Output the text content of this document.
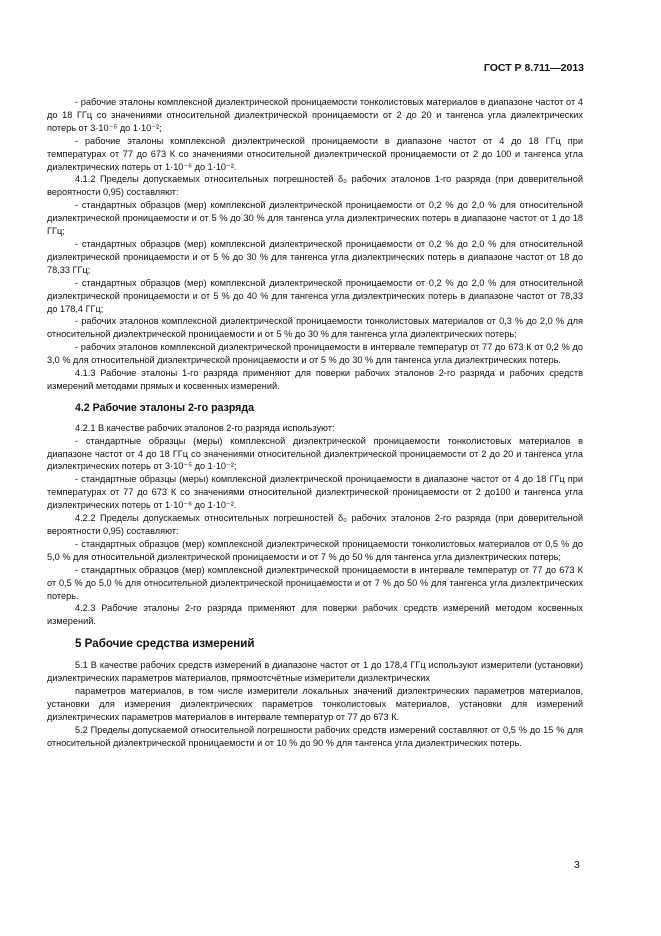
ГОСТ Р 8.711—2013

- рабочие эталоны комплексной диэлектрической проницаемости тонколистовых материалов в диапазоне частот от 4 до 18 ГГц со значениями относительной диэлектрической проницаемости от 2 до 20 и тангенса угла диэлектрических потерь от 3·10⁻⁵ до 1·10⁻²;

- рабочие эталоны комплексной диэлектрической проницаемости в диапазоне частот от 4 до 18 ГГц при температурах от 77 до 673 К со значениями относительной диэлектрической проницаемости от 2 до 100 и тангенса угла диэлектрических потерь от 1·10⁻⁶ до 1·10⁻².

4.1.2 Пределы допускаемых относительных погрешностей δ₀ рабочих эталонов 1-го разряда (при доверительной вероятности 0,95) составляют:

- стандартных образцов (мер) комплексной диэлектрической проницаемости от 0,2 % до 2,0 % для относительной диэлектрической проницаемости и от 5 % до 30 % для тангенса угла диэлектрических потерь в диапазоне частот от 1 до 18 ГГц;

- стандартных образцов (мер) комплексной диэлектрической проницаемости от 0,2 % до 2,0 % для относительной диэлектрической проницаемости и от 5 % до 30 % для тангенса угла диэлектрических потерь в диапазоне частот от 18 до 78,33 ГГц;

- стандартных образцов (мер) комплексной диэлектрической проницаемости от 0,2 % до 2,0 % для относительной диэлектрической проницаемости и от 5 % до 40 % для тангенса угла диэлектрических потерь в диапазоне частот от 78,33 до 178,4 ГГц;

- рабочих эталонов комплексной диэлектрической проницаемости тонколистовых материалов от 0,3 % до 2,0 % для относительной диэлектрической проницаемости и от 5 % до 30 % для тангенса угла диэлектрических потерь;

- рабочих эталонов комплексной диэлектрической проницаемости в интервале температур от 77 до 673 К от 0,2 % до 3,0 % для относительной диэлектрической проницаемости и от 5 % до 30 % для тангенса угла диэлектрических потерь.

4.1.3 Рабочие эталоны 1-го разряда применяют для поверки рабочих эталонов 2-го разряда и рабочих средств измерений методами прямых и косвенных измерений.

4.2 Рабочие эталоны 2-го разряда

4.2.1 В качестве рабочих эталонов 2-го разряда используют:

- стандартные образцы (меры) комплексной диэлектрической проницаемости тонколистовых материалов в диапазоне частот от 4 до 18 ГГц со значениями относительной диэлектрической проницаемости от 2 до 20 и тангенса угла диэлектрических потерь от 3·10⁻⁵ до 1·10⁻²;

- стандартные образцы (меры) комплексной диэлектрической проницаемости в диапазоне частот от 4 до 18 ГГц при температурах от 77 до 673 К со значениями относительной диэлектрической проницаемости от 2 до100 и тангенса угла диэлектрических потерь от 1·10⁻⁶ до 1·10⁻².

4.2.2 Пределы допускаемых относительных погрешностей δ₀ рабочих эталонов 2-го разряда (при доверительной вероятности 0,95) составляют:

- стандартных образцов (мер) комплексной диэлектрической проницаемости тонколистовых материалов от 0,5 % до 5,0 % для относительной диэлектрической проницаемости и от 7 % до 50 % для тангенса угла диэлектрических потерь;

- стандартных образцов (мер) комплексной диэлектрической проницаемости в интервале температур от 77 до 673 К от 0,5 % до 5,0 % для относительной диэлектрической проницаемости и от 7 % до 50 % для тангенса угла диэлектрических потерь.

4.2.3 Рабочие эталоны 2-го разряда применяют для поверки рабочих средств измерений методом косвенных измерений.

5 Рабочие средства измерений

5.1 В качестве рабочих средств измерений в диапазоне частот от 1 до 178,4 ГГц используют измерители (установки) диэлектрических параметров материалов, прямоотсчётные измерители диэлектрических

параметров материалов, в том числе измерители локальных значений диэлектрических параметров материалов, установки для измерения диэлектрических параметров тонколистовых материалов, установки для измерений диэлектрических параметров материалов в интервале температур от 77 до 673 К.

5.2 Пределы допускаемой относительной погрешности рабочих средств измерений составляют от 0,5 % до 15 % для относительной диэлектрической проницаемости и от 10 % до 90 % для тангенса угла диэлектрических потерь.

3
